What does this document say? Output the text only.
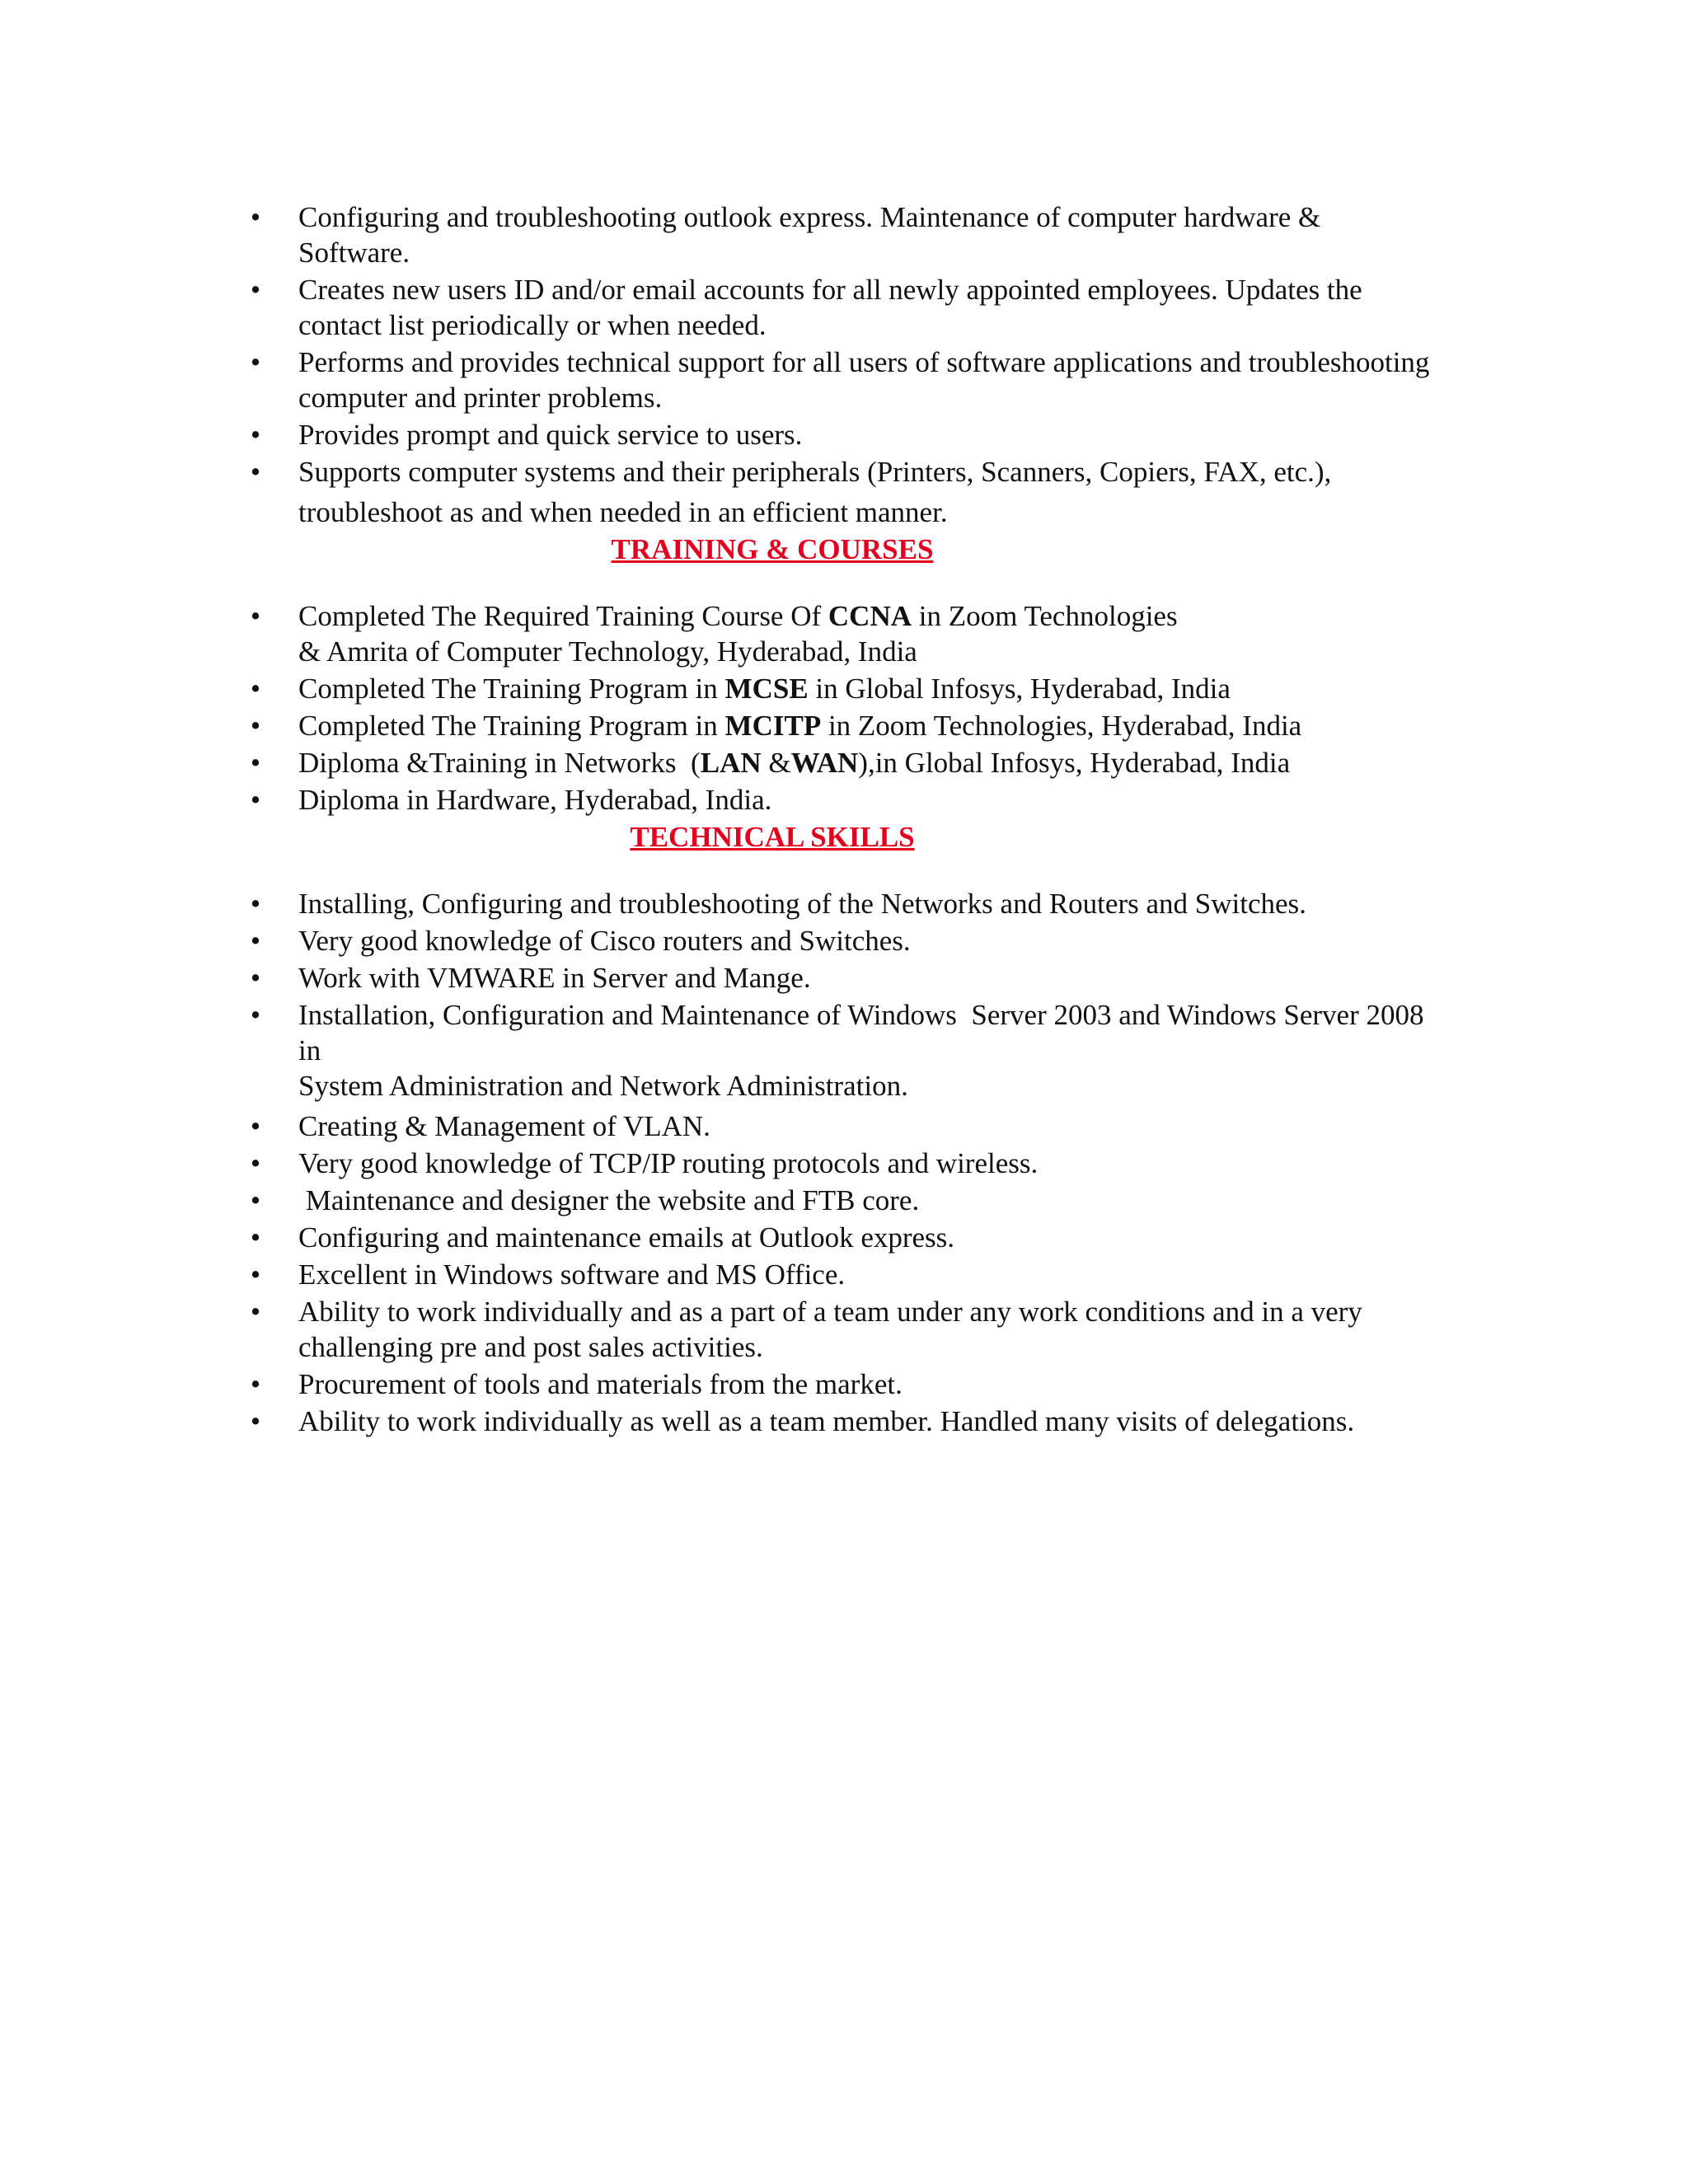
• Configuring and troubleshooting outlook express. Maintenance of computer hardware &
Software.
• Creates new users ID and/or email accounts for all newly appointed employees. Updates the
contact list periodically or when needed.
• Performs and provides technical support for all users of software applications and troubleshooting
computer and printer problems.
• Provides prompt and quick service to users.
• Supports computer systems and their peripherals (Printers, Scanners, Copiers, FAX, etc.),
troubleshoot as and when needed in an efficient manner.
TRAINING & COURSES
• Completed The Required Training Course Of CCNA in Zoom Technologies
& Amrita of Computer Technology, Hyderabad, India
• Completed The Training Program in MCSE in Global Infosys, Hyderabad, India
• Completed The Training Program in MCITP in Zoom Technologies, Hyderabad, India
• Diploma &Training in Networks  (LAN &WAN),in Global Infosys, Hyderabad, India
• Diploma in Hardware, Hyderabad, India.
TECHNICAL SKILLS
• Installing, Configuring and troubleshooting of the Networks and Routers and Switches.
• Very good knowledge of Cisco routers and Switches.
• Work with VMWARE in Server and Mange.
• Installation, Configuration and Maintenance of Windows  Server 2003 and Windows Server 2008
in
System Administration and Network Administration.
• Creating & Management of VLAN.
• Very good knowledge of TCP/IP routing protocols and wireless.
• Maintenance and designer the website and FTB core.
• Configuring and maintenance emails at Outlook express.
• Excellent in Windows software and MS Office.
• Ability to work individually and as a part of a team under any work conditions and in a very
challenging pre and post sales activities.
• Procurement of tools and materials from the market.
• Ability to work individually as well as a team member. Handled many visits of delegations.
